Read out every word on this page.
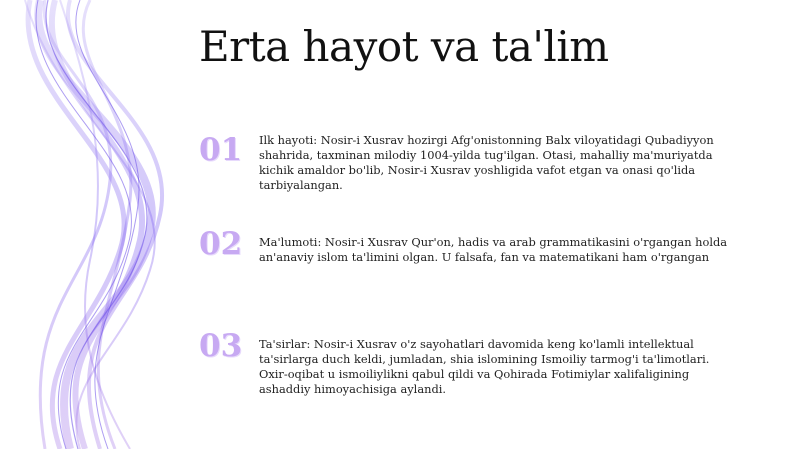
Erta hayot va ta'lim
01 Ilk hayoti: Nosir-i Xusrav hozirgi Afg'onistonning Balx viloyatidagi Qubadiyyon shahrida, taxminan milodiy 1004-yilda tug'ilgan. Otasi, mahalliy ma'muriyatda kichik amaldor bo'lib, Nosir-i Xusrav yoshligida vafot etgan va onasi qo'lida tarbiyalangan.
02 Ma'lumoti: Nosir-i Xusrav Qur'on, hadis va arab grammatikasini o'rgangan holda an'anaviy islom ta'limini olgan. U falsafa, fan va matematikani ham o'rgangan
03 Ta'sirlar: Nosir-i Xusrav o'z sayohatlari davomida keng ko'lamli intellektual ta'sirlarga duch keldi, jumladan, shia islomining Ismoiliy tarmog'i ta'limotlari. Oxir-oqibat u ismoiliylikni qabul qildi va Qohirada Fotimiylar xalifaligining ashaddiy himoyachisiga aylandi.
